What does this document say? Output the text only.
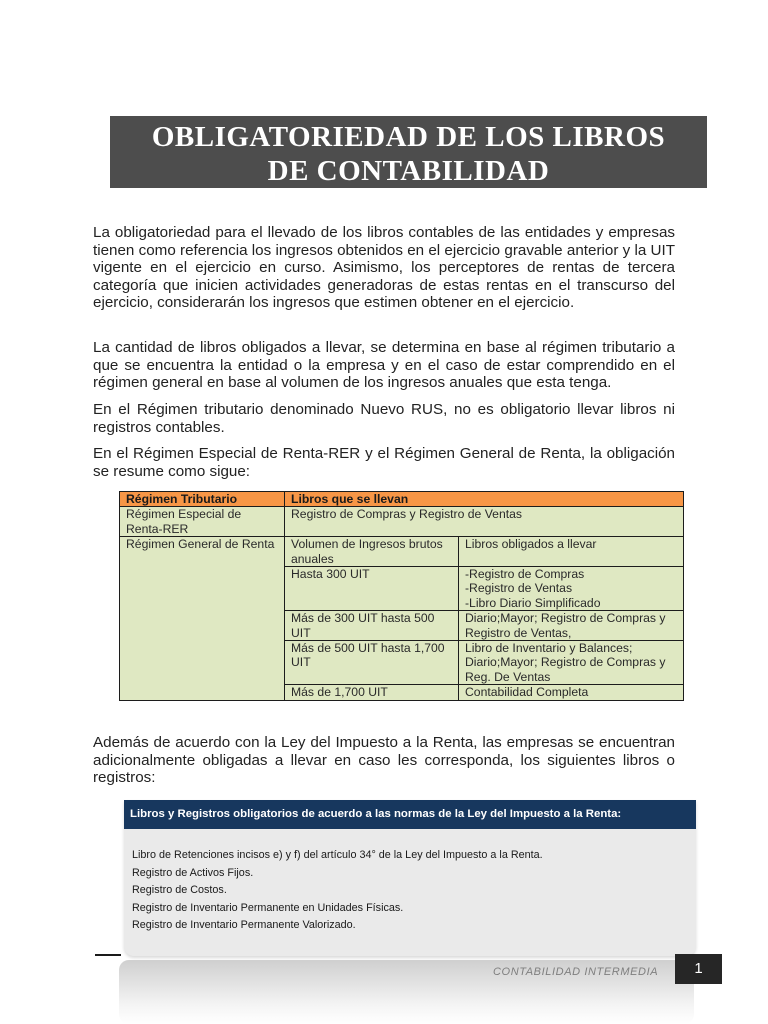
OBLIGATORIEDAD DE LOS LIBROS
DE CONTABILIDAD

La obligatoriedad para el llevado de los libros contables de las entidades y empresas tienen como referencia los ingresos obtenidos en el ejercicio gravable anterior y la UIT vigente en el ejercicio en curso. Asimismo, los perceptores de rentas de tercera categoría que inicien actividades generadoras de estas rentas en el transcurso del ejercicio, considerarán los ingresos que estimen obtener en el ejercicio.

La cantidad de libros obligados a llevar, se determina en base al régimen tributario a que se encuentra la entidad o la empresa y en el caso de estar comprendido en el régimen general en base al volumen de los ingresos anuales que esta tenga.

En el Régimen tributario denominado Nuevo RUS, no es obligatorio llevar libros ni registros contables.

En el Régimen Especial de Renta-RER y el Régimen General de Renta, la obligación se resume como sigue:

Régimen Tributario	Libros que se llevan	
Régimen Especial de Renta-RER	Registro de Compras y Registro de Ventas	
Régimen General de Renta	Volumen de Ingresos brutos anuales	Libros obligados a llevar
	Hasta 300 UIT	-Registro de Compras
-Registro de Ventas
-Libro Diario Simplificado

	Más de 300 UIT hasta 500 UIT	Diario;Mayor; Registro de Compras y Registro de Ventas,
	Más de 500 UIT hasta 1,700 UIT	Libro de Inventario y Balances; Diario;Mayor; Registro de Compras y Reg. De Ventas
	Más de 1,700 UIT	Contabilidad Completa

Además de acuerdo con la Ley del Impuesto a la Renta, las empresas se encuentran adicionalmente obligadas a llevar en caso les corresponda, los siguientes libros o registros:

Libros y Registros obligatorios de acuerdo a las normas de la Ley del Impuesto a la Renta:
Libro de Retenciones incisos e) y f) del artículo 34° de la Ley del Impuesto a la Renta.
Registro de Activos Fijos.
Registro de Costos.
Registro de Inventario Permanente en Unidades Físicas.
Registro de Inventario Permanente Valorizado.
CONTABILIDAD INTERMEDIA	1
